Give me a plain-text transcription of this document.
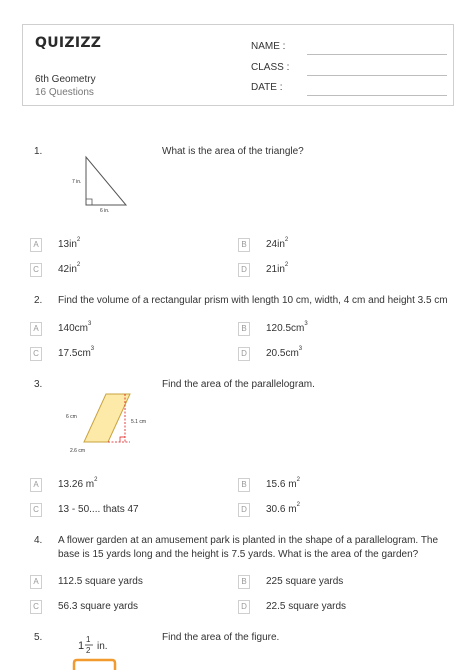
QUIZIZZ
6th Geometry
16 Questions
NAME :
CLASS :
DATE :
1.	What is the area of the triangle?
7 in.
6 in.
A	$13in^2$	B	$24in^2$
C	$42in^2$	D	$21in^2$
2. Find the volume of a rectangular prism with length 10 cm, width, 4 cm and height 3.5 cm
A	$140cm^3$	B	$120.5cm^3$
C	$17.5cm^3$	D	$20.5cm^3$
3.	Find the area of the parallelogram.
6 cm
5.1 cm
2.6 cm
A	13.26 $m^2$	B	15.6 $m^2$
C	13 - 50.... thats 47	D	30.6 $m^2$
4. A flower garden at an amusement park is planted in the shape of a parallelogram. The
base is 15 yards long and the height is 7.5 yards. What is the area of the garden?
A	112.5 square yards	B	225 square yards
C	56.3 square yards	D	22.5 square yards
5.	Find the area of the figure.
1
1
2 in.
